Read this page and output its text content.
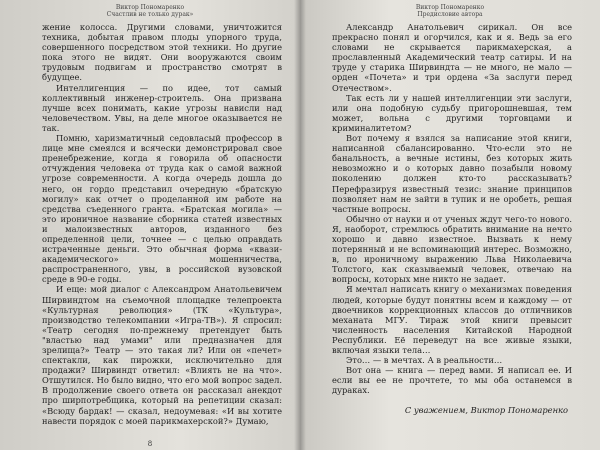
Виктор Пономаренко
Счастлив не только дурак»

жение колосса. Другими словами, уничтожится техника, добытая правом плоды упорного труда, совершенного посредством этой техники. Но другие пока этого не видят. Они вооружаются своим трудовым подвигам и пространство смотрят в будущее.

Интеллигенция — по идее, тот самый коллективный инженер-строитель. Она призвана лучше всех понимать, какие угрозы нависли над человечеством. Увы, на деле многое оказывается не так.

Помню, харизматичный седовласый профессор в лице мне смеялся и всячески демонстрировал свое пренебрежение, когда я говорила об опасности отчуждения человека от труда как о самой важной угрозе современности. А когда очередь дошла до него, он гордо представил очередную «братскую могилу» как отчет о проделанной им работе на средства съеденного гранта. «Братская могила» — это ироничное название сборника статей известных и малоизвестных авторов, изданного без определенной цели, точнее — с целью оправдать истраченные деньги. Это обычная форма «квази-академического» мошенничества, распространенного, увы, в российской вузовской среде в 90-е годы.

И еще: мой диалог с Александром Анатольевичем Ширвиндтом на съемочной площадке телепроекта «Культурная революция» (ТК «Культура», производство телекомпании «Игра-ТВ»). Я спросил: «Театр сегодня по-прежнему претендует быть "властью над умами" или предназначен для зрелища?» Театр — это такая ли? Или он «печет» спектакли, как пирожки, исключительно для продажи? Ширвиндт ответил: «Влиять не на что». Отшутился. Но было видно, что его мой вопрос задел. В продолжение своего ответа он рассказал анекдот про ширпотребщика, который на репетиции сказал: «Всюду бардак! — сказал, недоумевая: «И вы хотите навести порядок с моей парикмахерской?» Думаю,

8
Виктор Пономаренко
Предисловие автора

Александр Анатольевич сирикал. Он все прекрасно понял и огорчился, как и я. Ведь за его словами не скрывается парикмахерская, а прославленный Академический театр сатиры. И на труде у старика Ширвиндта — не много, не мало — орден «Почета» и три ордена «За заслуги перед Отечеством».

Так есть ли у нашей интеллигенции эти заслуги, или она подобную судьбу пригорошневшая, тем может, вольна с другими торговцами и криминалитетом?

Вот почему я взялся за написание этой книги, написанной сбалансированно. Что-если это не банальность, а вечные истины, без которых жить невозможно и о которых давно позабыли новому поколению должен кто-то рассказывать? Перефразируя известный тезис: знание принципов позволяет нам не зайти в тупик и не оробеть, решая частные вопросы.

Обычно от науки и от ученых ждут чего-то нового. Я, наоборот, стремлюсь обратить внимание на нечто хорошо и давно известное. Вызвать к нему потерянный и не вспоминающий интерес. Возможно, в, по ироничному выражению Льва Николаевича Толстого, как сказываемый человек, отвечаю на вопросы, которых мне никто не задает.

Я мечтал написать книгу о механизмах поведения людей, которые будут понятны всем и каждому — от двоечников коррекционных классов до отличников механата МГУ. Тираж этой книги превысит численность населения Китайской Народной Республики. Её переведут на все живые языки, включая языки тела…

Это… — в мечтах. А в реальности…

Вот она — книга — перед вами. Я написал ее. И если вы ее не прочтете, то мы оба останемся в дураках.

С уважением, Виктор Пономаренко
